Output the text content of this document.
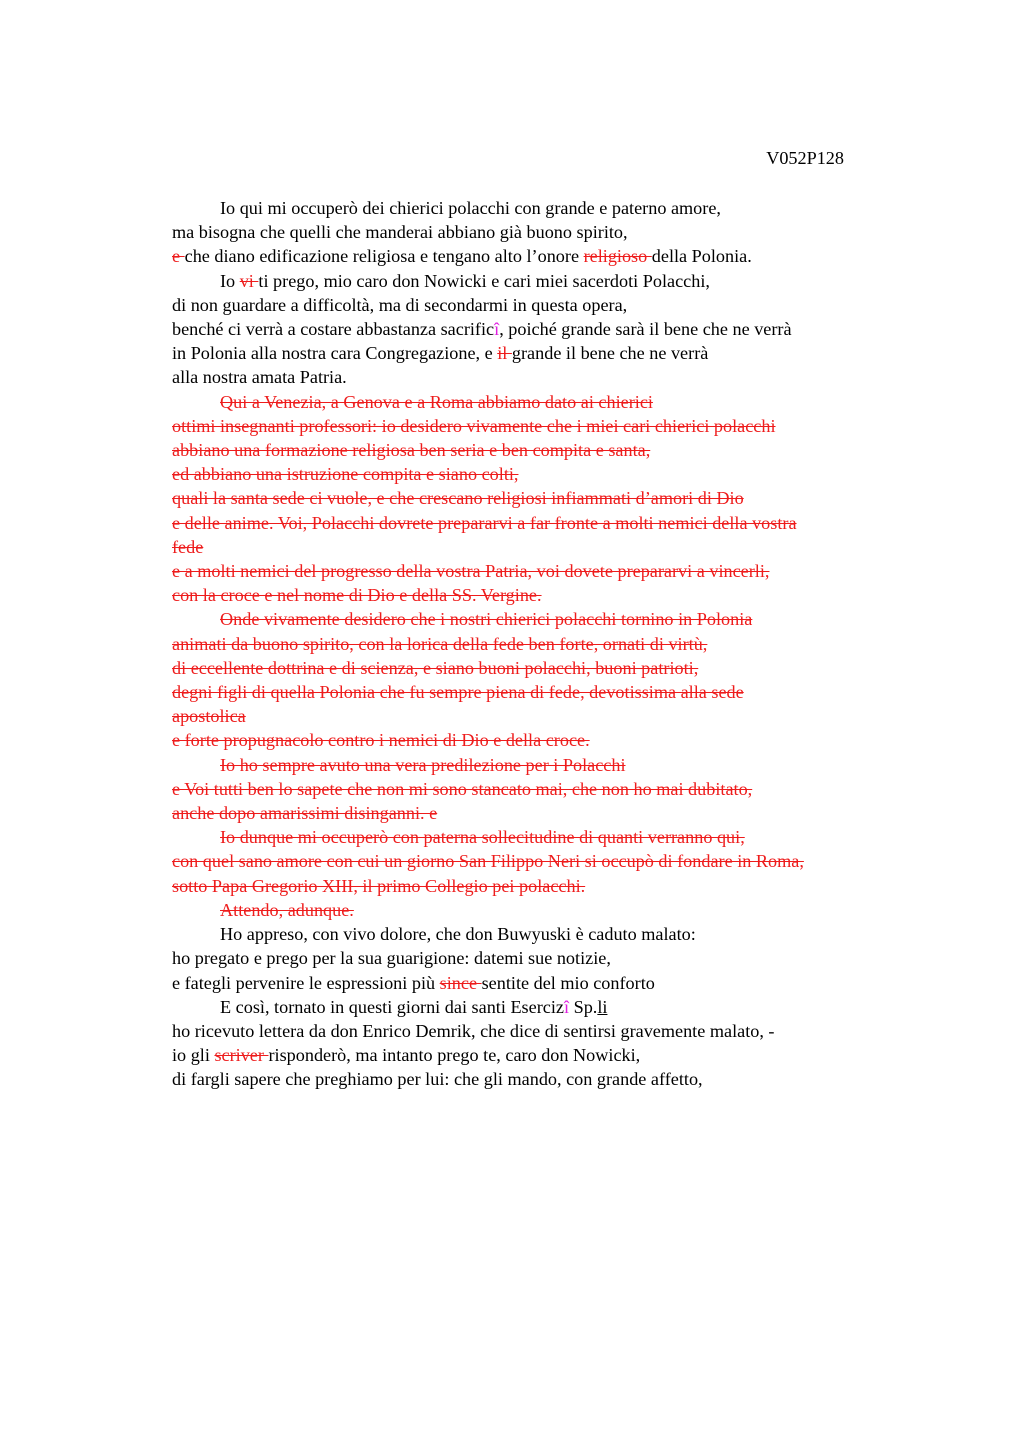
V052P128
Io qui mi occuperò dei chierici polacchi con grande e paterno amore,
ma bisogna che quelli che manderai abbiano già buono spirito,
e che diano edificazione religiosa e tengano alto l’onore religioso della Polonia.
Io vi ti prego, mio caro don Nowicki e cari miei sacerdoti Polacchi,
di non guardare a difficoltà, ma di secondarmi in questa opera,
benché ci verrà a costare abbastanza sacrificî, poiché grande sarà il bene che ne verrà
in Polonia alla nostra cara Congregazione, e il grande il bene che ne verrà
alla nostra amata Patria.
Qui a Venezia, a Genova e a Roma abbiamo dato ai chierici
ottimi insegnanti professori: io desidero vivamente che i miei cari chierici polacchi
abbiano una formazione religiosa ben seria e ben compita e santa,
ed abbiano una istruzione compita e siano colti,
quali la santa sede ci vuole, e che crescano religiosi infiammati d’amori di Dio
e delle anime. Voi, Polacchi dovrete prepararvi a far fronte a molti nemici della vostra
fede
e a molti nemici del progresso della vostra Patria, voi dovete prepararvi a vincerli,
con la croce e nel nome di Dio e della SS. Vergine.
Onde vivamente desidero che i nostri chierici polacchi tornino in Polonia
animati da buono spirito, con la lorica della fede ben forte, ornati di virtù,
di eccellente dottrina e di scienza, e siano buoni polacchi, buoni patrioti,
degni figli di quella Polonia che fu sempre piena di fede, devotissima alla sede
apostolica
e forte propugnacolo contro i nemici di Dio e della croce.
Io ho sempre avuto una vera predilezione per i Polacchi
e Voi tutti ben lo sapete che non mi sono stancato mai, che non ho mai dubitato,
anche dopo amarissimi disinganni. e
Io dunque mi occuperò con paterna sollecitudine di quanti verranno qui,
con quel sano amore con cui un giorno San Filippo Neri si occupò di fondare in Roma,
sotto Papa Gregorio XIII, il primo Collegio pei polacchi.
Attendo, adunque.
Ho appreso, con vivo dolore, che don Buwyuski è caduto malato:
ho pregato e prego per la sua guarigione: datemi sue notizie,
e fategli pervenire le espressioni più since sentite del mio conforto
E così, tornato in questi giorni dai santi Esercizî Sp.li
ho ricevuto lettera da don Enrico Demrik, che dice di sentirsi gravemente malato, -
io gli scriver risponderò, ma intanto prego te, caro don Nowicki,
di fargli sapere che preghiamo per lui: che gli mando, con grande affetto,
